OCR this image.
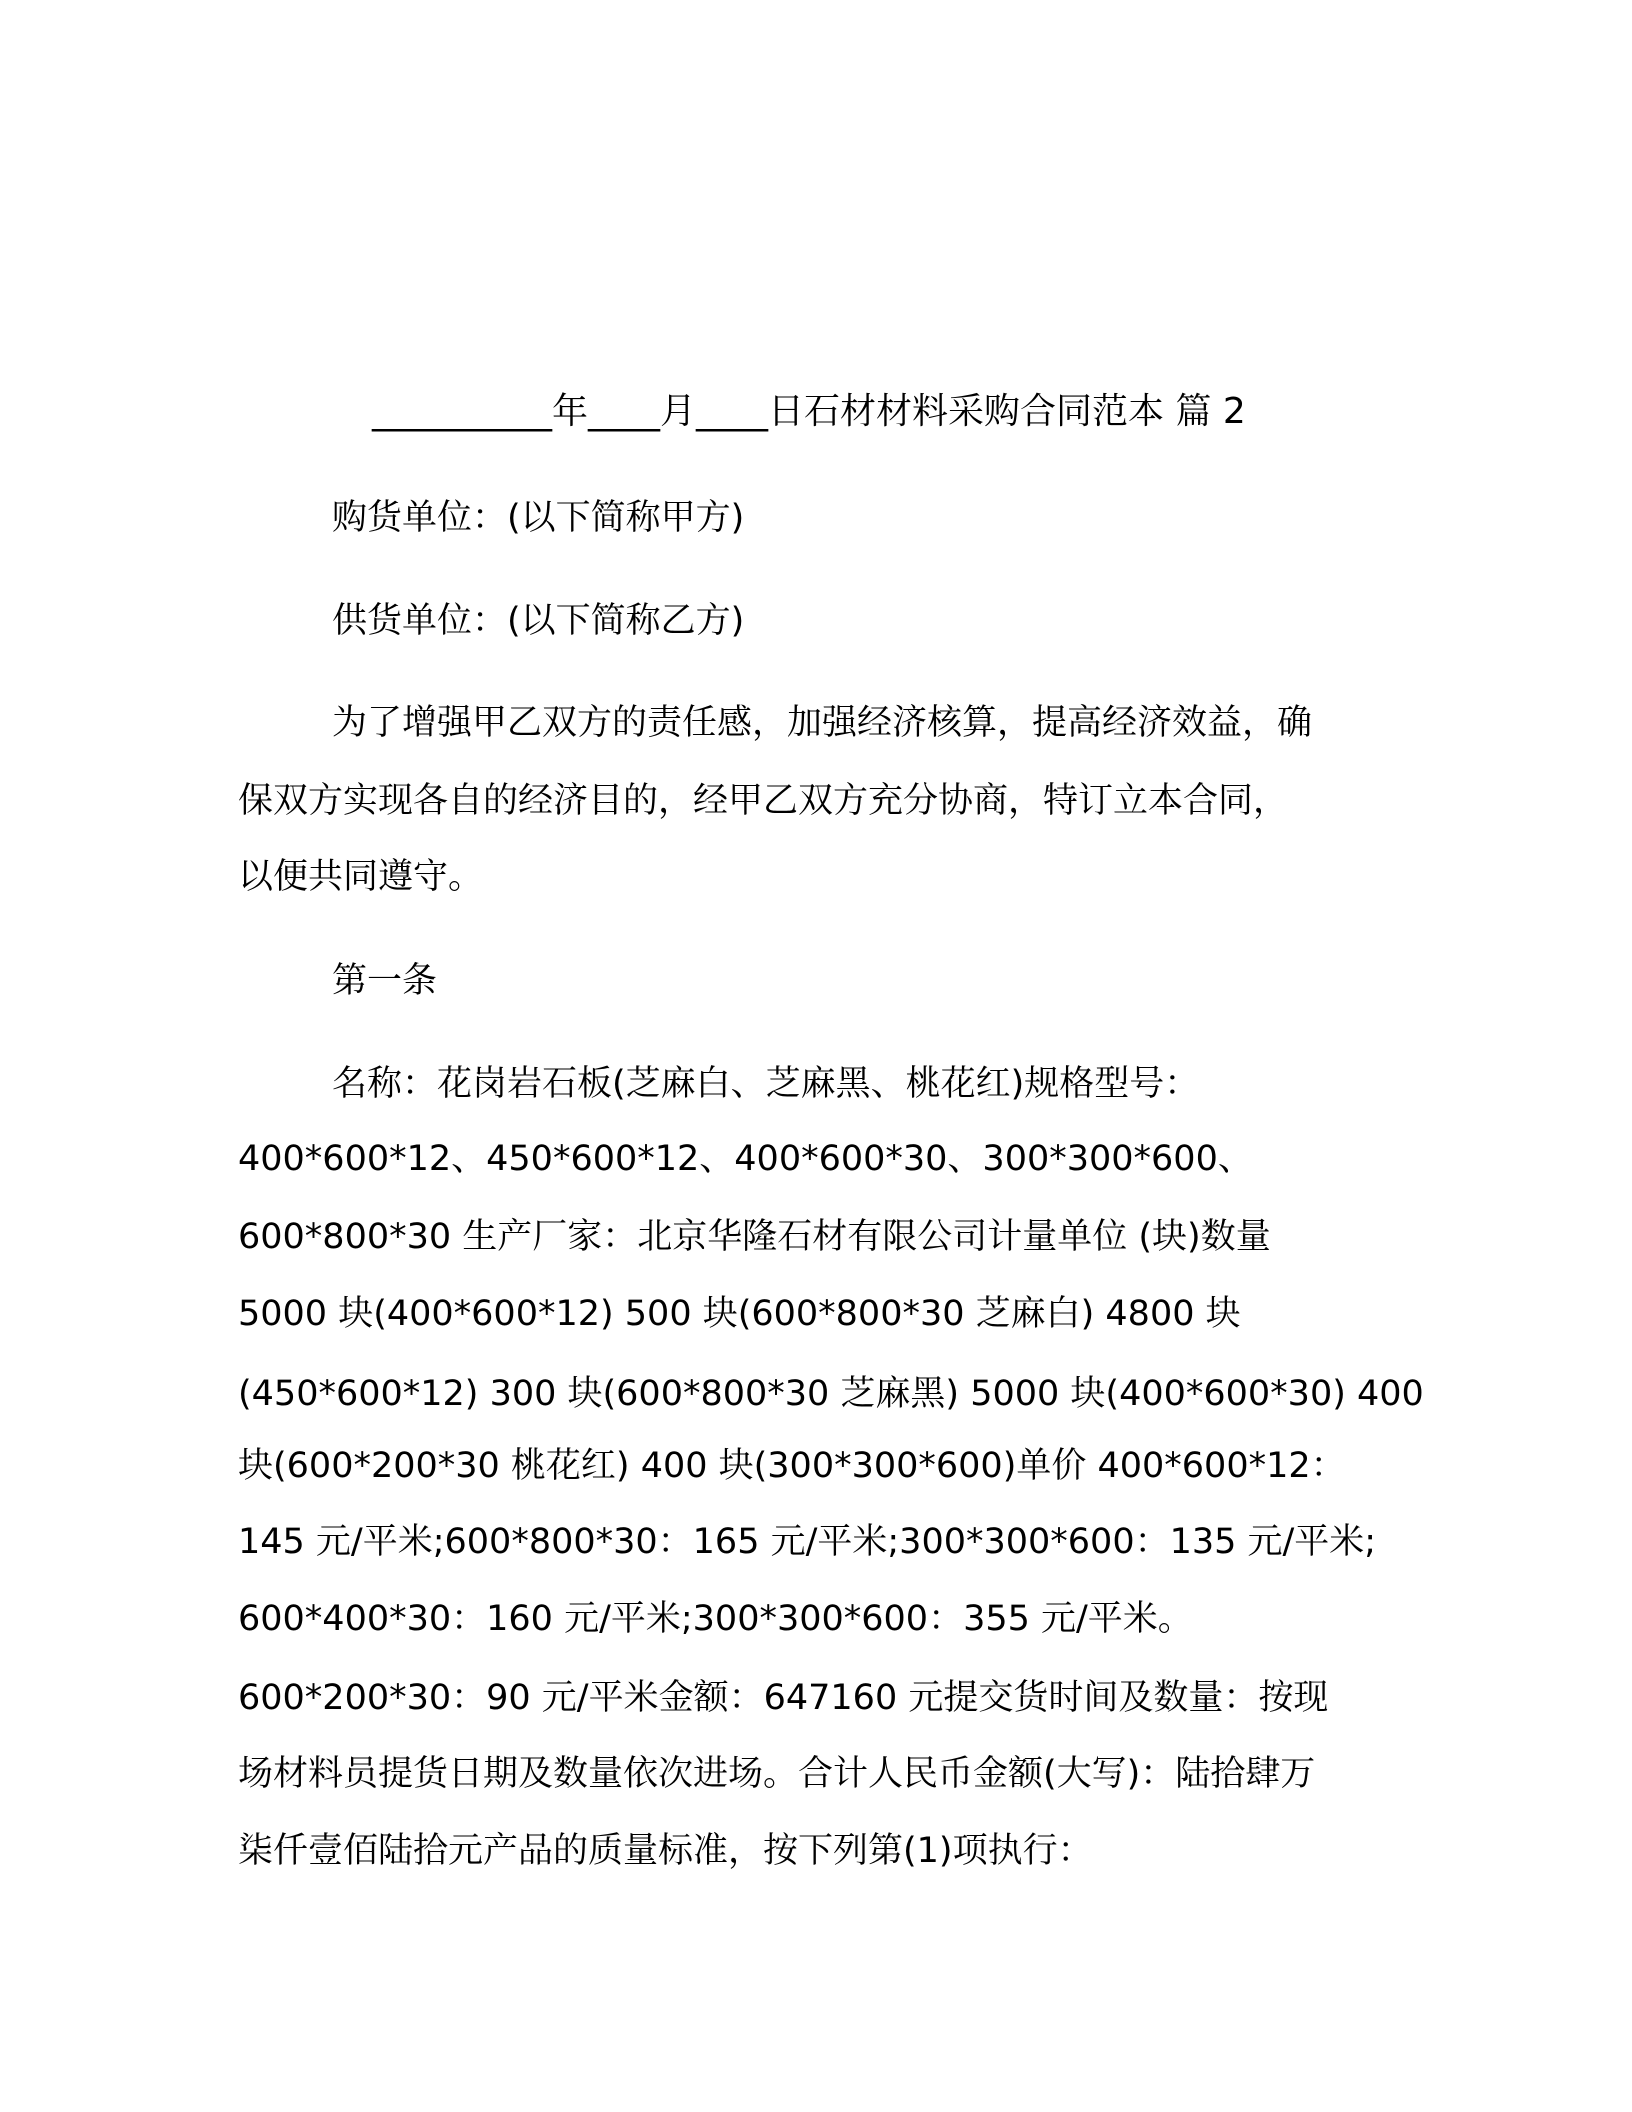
__________年____月____日石材材料采购合同范本 篇 2
购货单位：(以下简称甲方)
供货单位：(以下简称乙方)
为了增强甲乙双方的责任感，加强经济核算，提高经济效益，确
保双方实现各自的经济目的，经甲乙双方充分协商，特订立本合同，
以便共同遵守。
第一条
名称：花岗岩石板(芝麻白、芝麻黑、桃花红)规格型号：
400*600*12、450*600*12、400*600*30、300*300*600、
600*800*30 生产厂家：北京华隆石材有限公司计量单位 (块)数量
5000 块(400*600*12) 500 块(600*800*30 芝麻白) 4800 块
(450*600*12) 300 块(600*800*30 芝麻黑) 5000 块(400*600*30) 400
块(600*200*30 桃花红) 400 块(300*300*600)单价 400*600*12：
145 元/平米;600*800*30：165 元/平米;300*300*600：135 元/平米;
600*400*30：160 元/平米;300*300*600：355 元/平米。
600*200*30：90 元/平米金额：647160 元提交货时间及数量：按现
场材料员提货日期及数量依次进场。合计人民币金额(大写)：陆拾肆万
柒仟壹佰陆拾元产品的质量标准，按下列第(1)项执行：
